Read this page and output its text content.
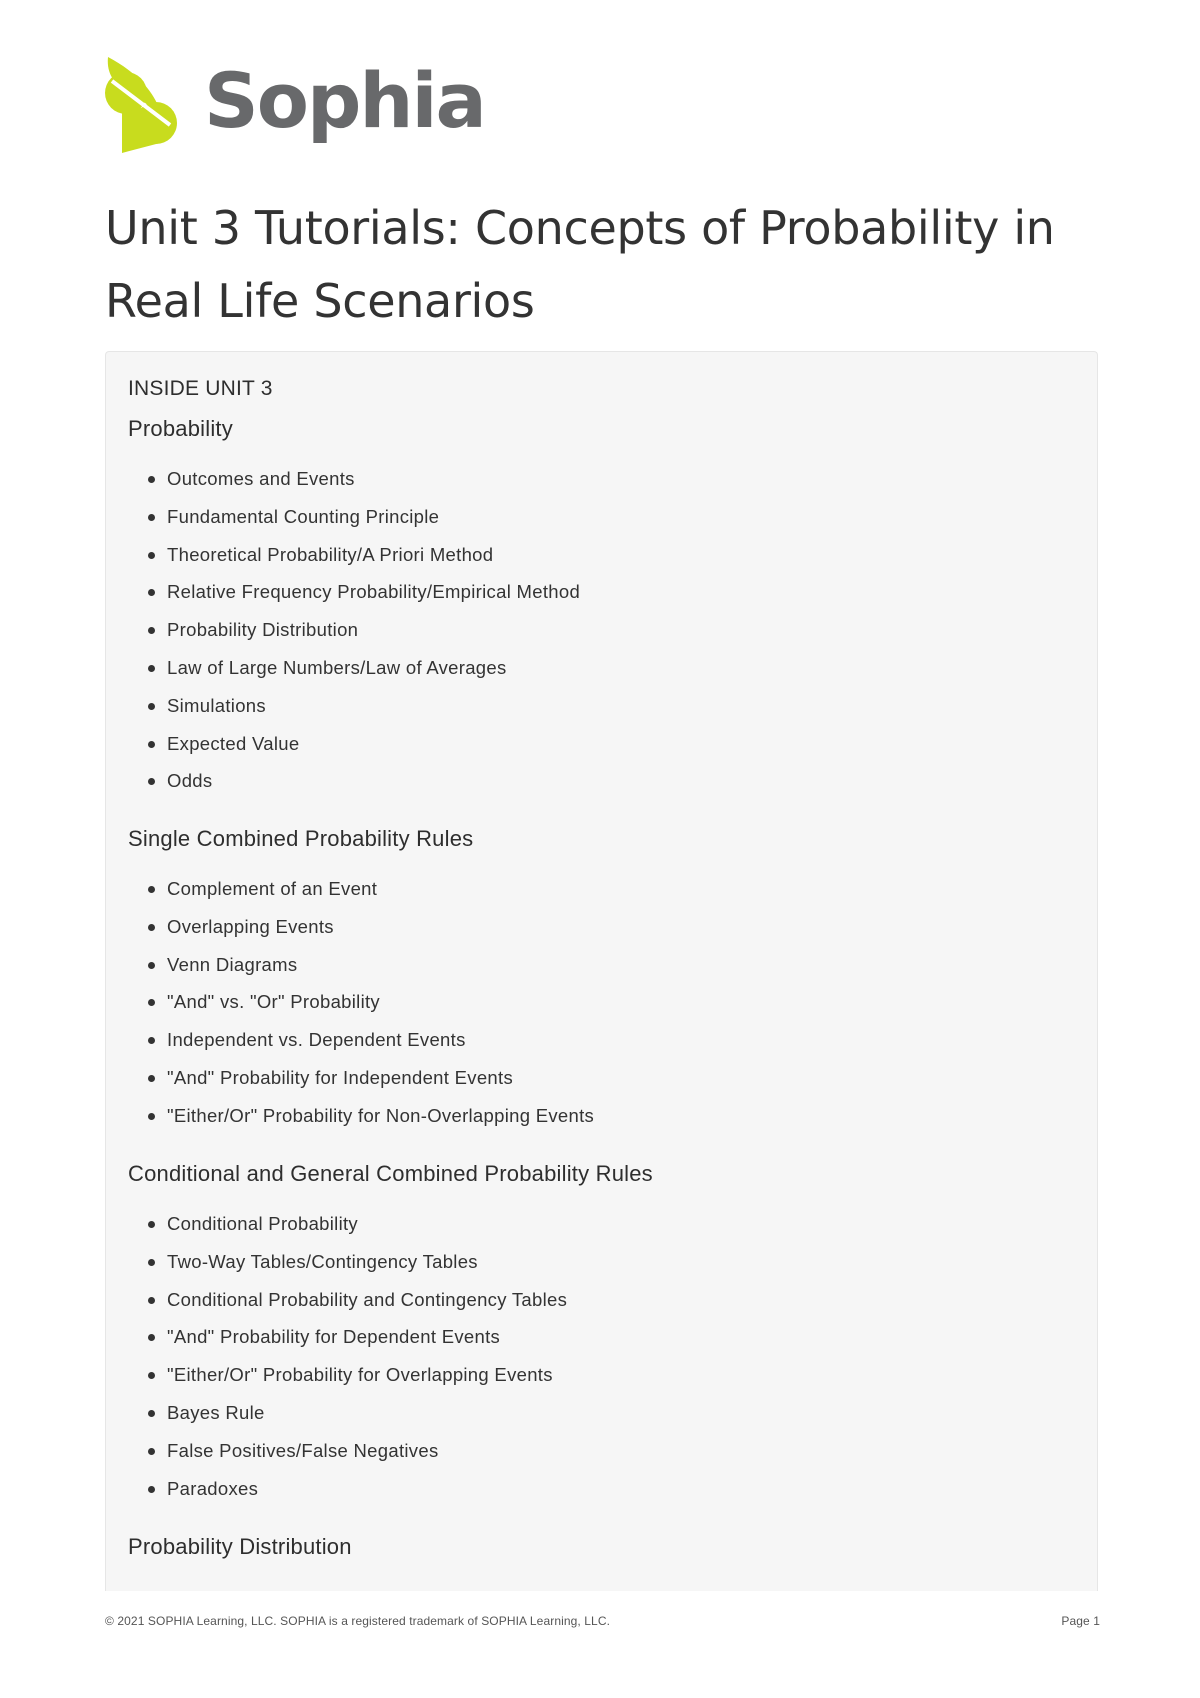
Sophia
Unit 3 Tutorials: Concepts of Probability in Real Life Scenarios
INSIDE UNIT 3
Probability
Outcomes and Events
Fundamental Counting Principle
Theoretical Probability/A Priori Method
Relative Frequency Probability/Empirical Method
Probability Distribution
Law of Large Numbers/Law of Averages
Simulations
Expected Value
Odds
Single Combined Probability Rules
Complement of an Event
Overlapping Events
Venn Diagrams
"And" vs. "Or" Probability
Independent vs. Dependent Events
"And" Probability for Independent Events
"Either/Or" Probability for Non-Overlapping Events
Conditional and General Combined Probability Rules
Conditional Probability
Two-Way Tables/Contingency Tables
Conditional Probability and Contingency Tables
"And" Probability for Dependent Events
"Either/Or" Probability for Overlapping Events
Bayes Rule
False Positives/False Negatives
Paradoxes
Probability Distribution
© 2021 SOPHIA Learning, LLC. SOPHIA is a registered trademark of SOPHIA Learning, LLC.	Page 1
